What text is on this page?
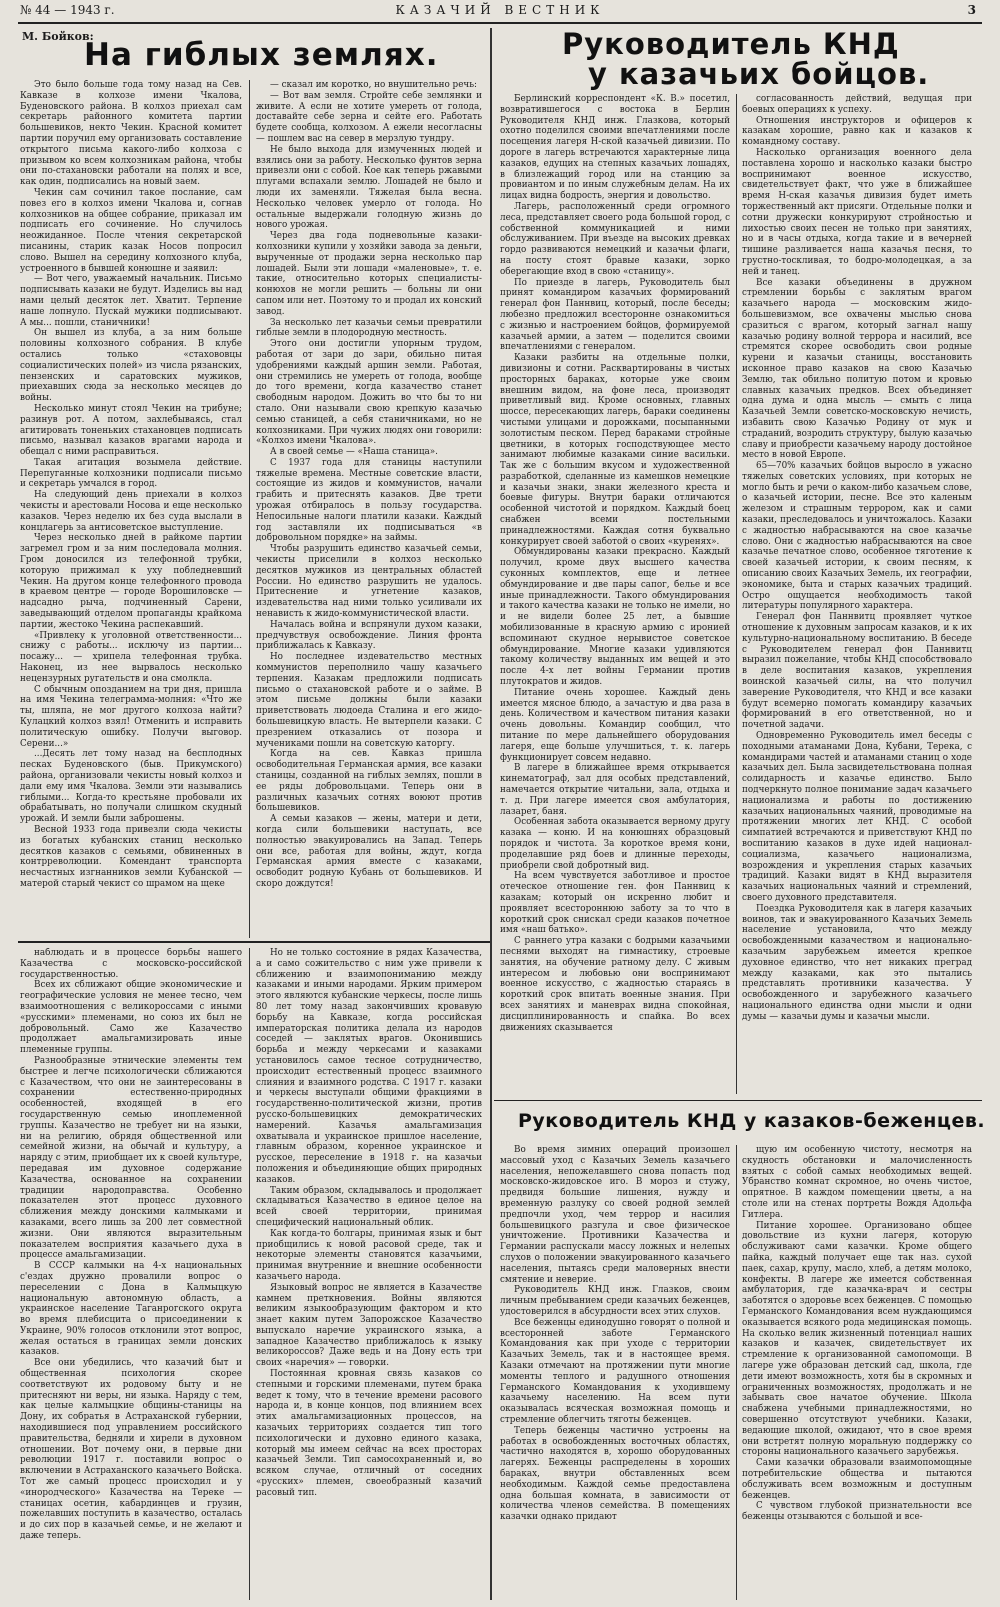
№ 44 — 1943 г.	КАЗАЧИЙ ВЕСТНИК	3
М. Бойков:
На гиблых землях.

Это было больше года тому назад на Сев. Кавказе в колхозе имени Чкалова, Буденовского района. В колхоз приехал сам секретарь районного комитета партии большевиков, некто Чекин. Красной комитет партии поручил ему организовать составление открытого письма какого-либо колхоза с призывом ко всем колхозникам района, чтобы они по-стахановски работали на полях и все, как один, подписались на новый заем.

Чекин сам сочинил такое послание, сам повез его в колхоз имени Чкалова и, согнав колхозников на общее собрание, приказал им подписать его сочинение. Но случилось неожиданное. После чтения секретарской писанины, старик казак Носов попросил слово. Вышел на середину колхозного клуба, устроенного в бывшей конюшне и заявил:

— Вот чего, уважаемый начальник. Письмо подписывать казаки не будут. Изделись вы над нами целый десяток лет. Хватит. Терпение наше лопнуло. Пускай мужики подписывают. А мы... пошли, станичники!

Он вышел из клуба, а за ним больше половины колхозного собрания. В клубе остались только «стахововцы социалистических полей» из числа рязанских, пензенских и саратовских мужиков, приехавших сюда за несколько месяцев до войны.

Несколько минут стоял Чекин на трибуне; разинув рот. А потом, захлебываясь, стал агитировать тоненьких стахановцев подписать письмо, называл казаков врагами народа и обещал с ними расправиться.

Такая агитация возымела действие. Перепуганные колхозники подписали письмо и секретарь умчался в город.

На следующий день приехали в колхоз чекисты и арестовали Носова и еще несколько казаков. Через неделю их без суда выслали в концлагерь за антисоветское выступление.

Через несколько дней в райкоме партии загремел гром и за ним последовала молния. Гром доносился из телефонной трубки, которую прижимал к уху побледневший Чекин. На другом конце телефонного провода в краевом центре — городе Ворошиловске — надсадно рыча, подчиненный Сарени, заведывающий отделом пропаганды крайкома партии, жестоко Чекина распекавший.

«Привлеку к уголовной ответственности... снижу с работы... исключу из партии... посажу... — хрипела телефонная трубка. Наконец, из нее вырвалось несколько нецензурных ругательств и она смолкла.

С обычным опозданием на три дня, пришла на имя Чекина телеграмма-молния: «Что же ты, шляпа, не мог другого колхоза найти? Кулацкий колхоз взял! Отменить и исправить политическую ошибку. Получи выговор. Серени...»

...Десять лет тому назад на бесплодных песках Буденовского (быв. Прикумского) района, организовали чекисты новый колхоз и дали ему имя Чкалова. Земли эти назывались гиблыми... Когда-то крестьяне пробовали их обрабатывать, но получали слишком скудный урожай. И земли были заброшены.

Весной 1933 года привезли сюда чекисты из богатых кубанских станиц несколько десятков казаков с семьями, обвиненных в контрреволюции. Комендант транспорта несчастных изгнанников земли Кубанской — матерой старый чекист со шрамом на щеке

— сказал им коротко, но внушительно речь:

— Вот вам земля. Стройте себе землянки и живите. А если не хотите умереть от голода, доставайте себе зерна и сейте его. Работать будете сообща, колхозом. А ежели несогласны — пошлем вас на север в мерзлую тундру.

Не было выхода для измученных людей и взялись они за работу. Несколько фунтов зерна привезли они с собой. Кое как теперь ржавыми плугами вспахали землю. Лошадей не было и люди их заменяли. Тяжелая была весна. Несколько человек умерло от голода. Но остальные выдержали голодную жизнь до нового урожая.

Через два года подневольные казаки-колхозники купили у хозяйки завода за деньги, вырученные от продажи зерна несколько пар лошадей. Были эти лошади «маленовые», т. е. такие, относительно которых специалисты-конюхов не могли решить — больны ли они сапом или нет. Поэтому то и продал их конский завод.

За несколько лет казачьи семьи превратили гиблые земли в плодородную местность.

Этого они достигли упорным трудом, работая от зари до зари, обильно питая удобрениями каждый аршин земли. Работая, они стремились не умереть от голода, вообще до того времени, когда казачество станет свободным народом. Дожить во что бы то ни стало. Они называли свою крепкую казачью семью станицей, а себя станичниками, но не колхозниками. При чужих людях они говорили: «Колхоз имени Чкалова».

А в своей семье — «Наша станица».

С 1937 года для станицы наступили тяжелые времена. Местные советские власти, состоящие из жидов и коммунистов, начали грабить и притеснять казаков. Две трети урожая отбиралось в пользу государства. Непосильные налоги платили казаки. Каждый год заставляли их подписываться «в добровольном порядке» на займы.

Чтобы разрушить единство казачьей семьи, чекисты приселили в колхоз несколько десятков мужиков из центральных областей России. Но единство разрушить не удалось. Притеснение и угнетение казаков, издевательства над ними только усиливали их ненависть к жидо-коммунистической власти.

Началась война и вспрянули духом казаки, предчувствуя освобождение. Линия фронта приближалась к Кавказу.

Но последнее издевательство местных коммунистов переполнило чашу казачьего терпения. Казакам предложили подписать письмо о стахановской работе и о займе. В этом письме должны были казаки приветствовать людоеда Сталина и его жидо-большевицкую власть. Не вытерпели казаки. С презрением отказались от позора и мучениками пошли на советскую каторгу.

Когда на сев. Кавказ пришла освободительная Германская армия, все казаки станицы, созданной на гиблых землях, пошли в ее ряды добровольцами. Теперь они в различных казачьих сотнях воюют против большевиков.

А семьи казаков — жены, матери и дети, когда сили большевики наступать, все полностью эвакуировались на Запад. Теперь они все, работая для войны, ждут, когда Германская армия вместе с казаками, освободит родную Кубань от большевиков. И скоро дождутся!

Руководитель КНД
у казачьих бойцов.

Берлинский корреспондент «К. В.» посетил, возвратившегося с востока в Берлин Руководителя КНД инж. Глазкова, который охотно поделился своими впечатлениями после посещения лагеря Н-ской казачьей дивизии. По дороге в лагерь встречаются характерные лица казаков, едущих на степных казачьих лошадях, в близлежащий город или на станцию за провиантом и по иным служебным делам. На их лицах видна бодрость, энергия и довольство.

Лагерь, расположенный среди огромного леса, представляет своего рода большой город, с собственной коммуникацией и ними обслуживанием. При въезде на высоких древках гордо развиваются немецкий и казачьи флаги, на посту стоят бравые казаки, зорко оберегающие вход в свою «станицу».

По приезде в лагерь, Руководитель был принят командиром казачьих формирований генерал фон Паннвиц, который, после беседы; любезно предложил всесторонне ознакомиться с жизнью и настроением бойцов, формируемой казачьей армии, а затем — поделится своими впечатлениями с генералом.

Казаки разбиты на отдельные полки, дивизионы и сотни. Расквартированы в чистых просторных бараках, которые уже своим внешним видом, на фоне леса, производят приветливый вид. Кроме основных, главных шоссе, пересекающих лагерь, бараки соединены чистыми улицами и дорожками, посыпанными золотистым песком. Перед бараками стройные цветники, в которых господствующее место занимают любимые казаками синие васильки. Так же с большим вкусом и художественной разработкой, сделанные из камешков немецкие и казачьи знаки, знаки железного креста и боевые фигуры. Внутри бараки отличаются особенной чистотой и порядком. Каждый боец снабжен всеми постельными принадлежностями. Каждая сотня буквально конкурирует своей заботой о своих «куренях».

Обмундированы казаки прекрасно. Каждый получил, кроме двух высшего качества суконных комплектов, еще и летнее обмундирование и две пары сапог, белье и все иные принадлежности. Такого обмундирования и такого качества казаки не только не имели, но и не видели более 25 лет, а бывшие мобилизованные в красную армию с иронией вспоминают скудное нерывистое советское обмундирование. Многие казаки удивляются такому количеству выданных им вещей и это после 4-х лет войны Германии против плутократов и жидов.

Питание очень хорошее. Каждый день имеется мясное блюдо, а зачастую и два раза в день. Количеством и качеством питания казаки очень довольны. Командир сообщил, что питание по мере дальнейшего оборудования лагеря, еще больше улучшиться, т. к. лагерь функционирует совсем недавно.

В лагере в ближайшее время открывается кинематограф, зал для особых представлений, намечается открытие читальни, зала, отдыха и т. д. При лагере имеется своя амбулатория, лазарет, баня.

Особенная забота оказывается верному другу казака — коню. И на конюшнях образцовый порядок и чистота. За короткое время кони, проделавшие ряд боев и длинные переходы, приобрели свой добротный вид.

На всем чувствуется заботливое и простое отеческое отношение ген. фон Паннвиц к казакам; который он искренно любит и проявляет всестороннюю заботу за то что в короткий срок снискал среди казаков почетное имя «наш батько».

С раннего утра казаки с бодрыми казачьими песнями выходят на гимнастику, строевые занятия, на обучение ратному делу. С живым интересом и любовью они воспринимают военное искусство, с жадностью стараясь в короткий срок впитать военные знания. При всех занятиях и маневрах видна спокойная, дисциплинированность и спайка. Во всех движениях сказывается

согласованность действий, ведущая при боевых операциях к успеху.

Отношения инструкторов и офицеров к казакам хорошие, равно как и казаков к командному составу.

Насколько организация военного дела поставлена хорошо и насколько казаки быстро воспринимают военное искусство, свидетельствует факт, что уже в ближайшее время Н-ская казачья дивизия будет иметь торжественный акт присяги. Отдельные полки и сотни дружески конкурируют стройностью и лихостью своих песен не только при занятиях, но и в часы отдыха, когда такие и в вечерней тишине разливается наша казачья песня, то грустно-тоскливая, то бодро-молодецкая, а за ней и танец.

Все казаки объединены в дружном стремлении борьбы с заклятым врагом казачьего народа — московским жидо-большевизмом, все охвачены мыслью снова сразиться с врагом, который загнал нашу казачью родину волной террора и насилий, все стремятся скорее освободить свои родные курени и казачьи станицы, восстановить исконное право казаков на свою Казачью Землю, так обильно политую потом и кровью славных казачьих предков. Всех объединяет одна дума и одна мысль — смыть с лица Казачьей Земли советско-московскую нечисть, избавить свою Казачью Родину от мук и страданий, возродить структуру, былую казачью славу и приобрести казачьему народу достойное место в новой Европе.

65—70% казачьих бойцов выросло в ужасно тяжелых советских условиях, при которых не могло быть и речи о каком-либо казачьем слове, о казачьей истории, песне. Все это каленым железом и страшным террором, как и сами казаки, преследовалось и уничтожалось. Казаки с жадностью набрасываются на свое казачье слово. Они с жадностью набрасываются на свое казачье печатное слово, особенное тяготение к своей казачьей истории, к своим песням, к описанию своих Казачьих Земель, их географии, экономике, быта и старых казачьих традиций. Остро ощущается необходимость такой литературы популярного характера.

Генерал фон Паннвитц проявляет чуткое отношение к духовным запросам казаков, и к их культурно-национальному воспитанию. В беседе с Руководителем генерал фон Паннвитц выразил пожелание, чтобы КНД способствовало в деле воспитания казаков, укрепления воинской казачьей силы, на что получил заверение Руководителя, что КНД и все казаки будут всемерно помогать командиру казачьих формирований в его ответственной, но и почетной задачи.

Одновременно Руководитель имел беседы с походными атаманами Дона, Кубани, Терека, с командирами частей и атаманами станиц о ходе казачьих дел. Была засвидетельствована полная солидарность и казачье единство. Было подчеркнуто полное понимание задач казачьего национализма и работы по достижению казачьих национальных чаяний, проводимые на протяжении многих лет КНД. С особой симпатией встречаются и приветствуют КНД по воспитанию казаков в духе идей национал-социализма, казачьего национализма, возрождения и укрепления старых казачьих традиций. Казаки видят в КНД выразителя казачьих национальных чаяний и стремлений, своего духовного представителя.

Поездка Руководителя как в лагеря казачьих воинов, так и эвакуированного Казачьих Земель население установила, что между освобожденными казачеством и национально-казачьим зарубежьем имеется крепкое духовное единство, что нет никаких преград между казаками, как это пытались представлять противники казачества. У освобожденного и зарубежного казачьего национального единства одни мысли и одни думы — казачьи думы и казачьи мысли.

наблюдать и в процессе борьбы нашего Казачества с московско-российской государственностью.

Всех их сближают общие экономические и географические условия не менее тесно, чем взаимоотношения с великороссами с иными «русскими» племенами, но союз их был не добровольный. Само же Казачество продолжает амальгамизировать иные племенные группы.

Разнообразные этнические элементы тем быстрее и легче психологически сближаются с Казачеством, что они не заинтересованы в сохранении естественно-природных особенностей, входящей в его государственную семью иноплеменной группы. Казачество не требует ни на языки, ни на религию, обрядя общественной или семейной жизни, на обычай и культуру, а наряду с этим, приобщает их к своей культуре, передавая им духовное содержание Казачества, основанное на сохранении традиции народоправства. Особенно показателен этот процесс духовного сближения между донскими калмыками и казаками, всего лишь за 200 лет совместной жизни. Они являются выразительным показателем восприятия казачьего духа в процессе амальгамизации.

В СССР калмыки на 4-х национальных с'ездах дружно провалили вопрос о переселении с Дона в Калмыцкую национальную автономную область, а украинское население Таганрогского округа во время плебисцита о присоединении к Украине, 90% голосов отклонили этот вопрос, желая остаться в границах земли донских казаков.

Все они убедились, что казачий быт и общественная психология скорее соответствуют их родовому быту и не притесняют ни веры, ни языка. Наряду с тем, как целые калмыцкие общины-станицы на Дону, их собратья в Астраханской губернии, находившиеся под управлением российского правительства, бедняли и хирели в духовном отношении. Вот почему они, в первые дни революции 1917 г. поставили вопрос о включении в Астраханского казачьего Войска. Тот же самый процесс происходил и у «инородческого» Казачества на Тереке — станицах осетин, кабардинцев и грузин, пожелавших поступить в казачество, осталась и до сих пор в казачьей семье, и не желают и даже теперь.

Но не только состояние в рядах Казачества, а и само сожительство с ним уже привели к сближению и взаимопониманию между казаками и иными народами. Ярким примером этого являются кубанские черкесы, после лишь 80 лет тому назад закончивших кровавую борьбу на Кавказе, когда российская императорская политика делала из народов соседей — заклятых врагов. Оконившись борьба и между черкесами и казаками установилось самое тесное сотрудничество, происходит естественный процесс взаимного слияния и взаимного родства. С 1917 г. казаки и черкесы выступали общими фракциями в государственно-политической жизни, против русско-большевицких демократических намерений. Казачья амальгамизация охватывала и украинское пришлое население, главным образом, коренное украинское и русское, переселение в 1918 г. на казачьи положения и объединяющие общих природных казаков.

Таким образом, складывалось и продолжает складываться Казачество в единое целое на всей своей территории, принимая специфический национальный облик.

Как когда-то болгары, принимая язык и быт приобщились к новой расовой среде, так и некоторые элементы становятся казачьими, принимая внутренние и внешние особенности казачьего народа.

Языковый вопрос не является в Казачестве камнем преткновения. Войны являются великим языкообразующим фактором и кто знает каким путем Запорожское Казачество выпускало наречие украинского языка, а западное Казачество приближалось к языку великороссов? Даже ведь и на Дону есть три своих «наречия» — говорки.

Постоянная кровная связь казаков со степными и горскими племенами, путем брака ведет к тому, что в течение времени расового народа и, в конце концов, под влиянием всех этих амальгамизационных процессов, на казачьих территориях создается тип того психологически и духовно единого казака, который мы имеем сейчас на всех просторах казачьей Земли. Тип самосохраненный и, во всяком случае, отличный от соседних «русских» племен, своеобразный казачий расовый тип.

Руководитель КНД у казаков-беженцев.

Во время зимних операций произошел массовый уход с Казачьих Земель казачьего населения, непожелавшего снова попасть под московско-жидовское иго. В мороз и стужу, предвидя большие лишения, нужду и временную разлуку со своей родной землей предпочли уход, чем террор и насилия большевицкого разгула и свое физическое уничтожение. Противники Казачества и Германии распускали массу ложных и нелепых слухов о положении эвакуированного казачьего населения, пытаясь среди маловерных внести смятение и неверие.

Руководитель КНД инж. Глазков, своим личным пребыванием среди казачьих беженцев, удостоверился в абсурдности всех этих слухов.

Все беженцы единодушно говорят о полной и всесторонней заботе Германского Командования как при уходе с территории Казачьих Земель, так и в настоящее время. Казаки отмечают на протяжении пути многие моменты теплого и радушного отношения Германского Командования к уходившему казачьему населению. На всем пути оказывалась всяческая возможная помощь и стремление облегчить тяготы беженцев.

Теперь беженцы частично устроены на работах в освобожденных восточных областях, частично находятся в, хорошо оборудованных лагерях. Беженцы распределены в хороших бараках, внутри обставленных всем необходимым. Каждой семье предоставлена одна большая комната, в зависимости от количества членов семейства. В помещениях казачки однако придают

щую им особенную чистоту, несмотря на скудность обстановки и малочисленность взятых с собой самых необходимых вещей. Убранство комнат скромное, но очень чистое, опрятное. В каждом помещении цветы, а на столе или на стенах портреты Вождя Адольфа Гитлера.

Питание хорошее. Организовано общее довольствие из кухни лагеря, которую обслуживают сами казачки. Кроме общего пайка, каждый получает еще так наз. сухой паек, сахар, крупу, масло, хлеб, а детям молоко, конфекты. В лагере же имеется собственная амбулатория, где казачка-врач и сестры заботятся о здоровье всех беженцев. С помощью Германского Командования всем нуждающимся оказывается всякого рода медицинская помощь. На сколько велик жизненный потенциал наших казаков и казачек, свидетельствует их стремление к организованной самопомощи. В лагере уже образован детский сад, школа, где дети имеют возможность, хотя бы в скромных и ограниченных возможностях, продолжать и не забывать свое начатое обучение. Школа снабжена учебными принадлежностями, но совершенно отсутствуют учебники. Казаки, ведающие школой, ожидают, что в свое время они встретят полную моральную поддержку со стороны национального казачьего зарубежья.

Сами казачки образовали взаимопомощные потребительские общества и пытаются обслуживать всем возможным и доступным беженцев.

С чувством глубокой признательности все беженцы отзываются с большой и все-
